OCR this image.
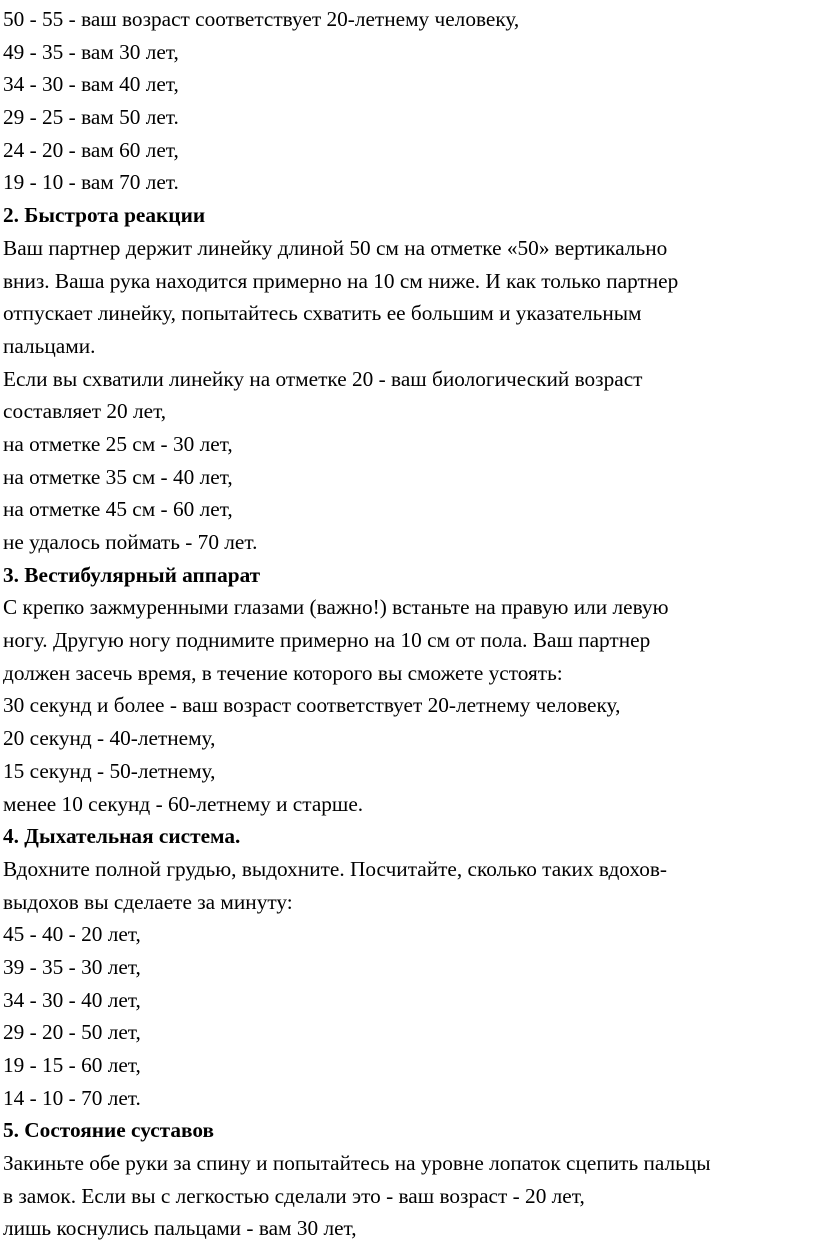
50 - 55 - ваш возраст соответствует 20-летнему человеку,
49 - 35 - вам 30 лет,
34 - 30 - вам 40 лет,
29 - 25 - вам 50 лет.
24 - 20 - вам 60 лет,
19 - 10 - вам 70 лет.
2. Быстрота реакции
Ваш партнер держит линейку длиной 50 см на отметке «50» вертикально
вниз. Ваша рука находится примерно на 10 см ниже. И как только партнер
отпускает линейку, попытайтесь схватить ее большим и указательным
пальцами.
Если вы схватили линейку на отметке 20 - ваш биологический возраст
составляет 20 лет,
на отметке 25 см - 30 лет,
на отметке 35 см - 40 лет,
на отметке 45 см - 60 лет,
не удалось поймать - 70 лет.
3. Вестибулярный аппарат
С крепко зажмуренными глазами (важно!) встаньте на правую или левую
ногу. Другую ногу поднимите примерно на 10 см от пола. Ваш партнер
должен засечь время, в течение которого вы сможете устоять:
30 секунд и более - ваш возраст соответствует 20-летнему человеку,
20 секунд - 40-летнему,
15 секунд - 50-летнему,
менее 10 секунд - 60-летнему и старше.
4. Дыхательная система.
Вдохните полной грудью, выдохните. Посчитайте, сколько таких вдохов-
выдохов вы сделаете за минуту:
45 - 40 - 20 лет,
39 - 35 - 30 лет,
34 - 30 - 40 лет,
29 - 20 - 50 лет,
19 - 15 - 60 лет,
14 - 10 - 70 лет.
5. Состояние суставов
Закиньте обе руки за спину и попытайтесь на уровне лопаток сцепить пальцы
в замок. Если вы с легкостью сделали это - ваш возраст - 20 лет,
лишь коснулись пальцами - вам 30 лет,
